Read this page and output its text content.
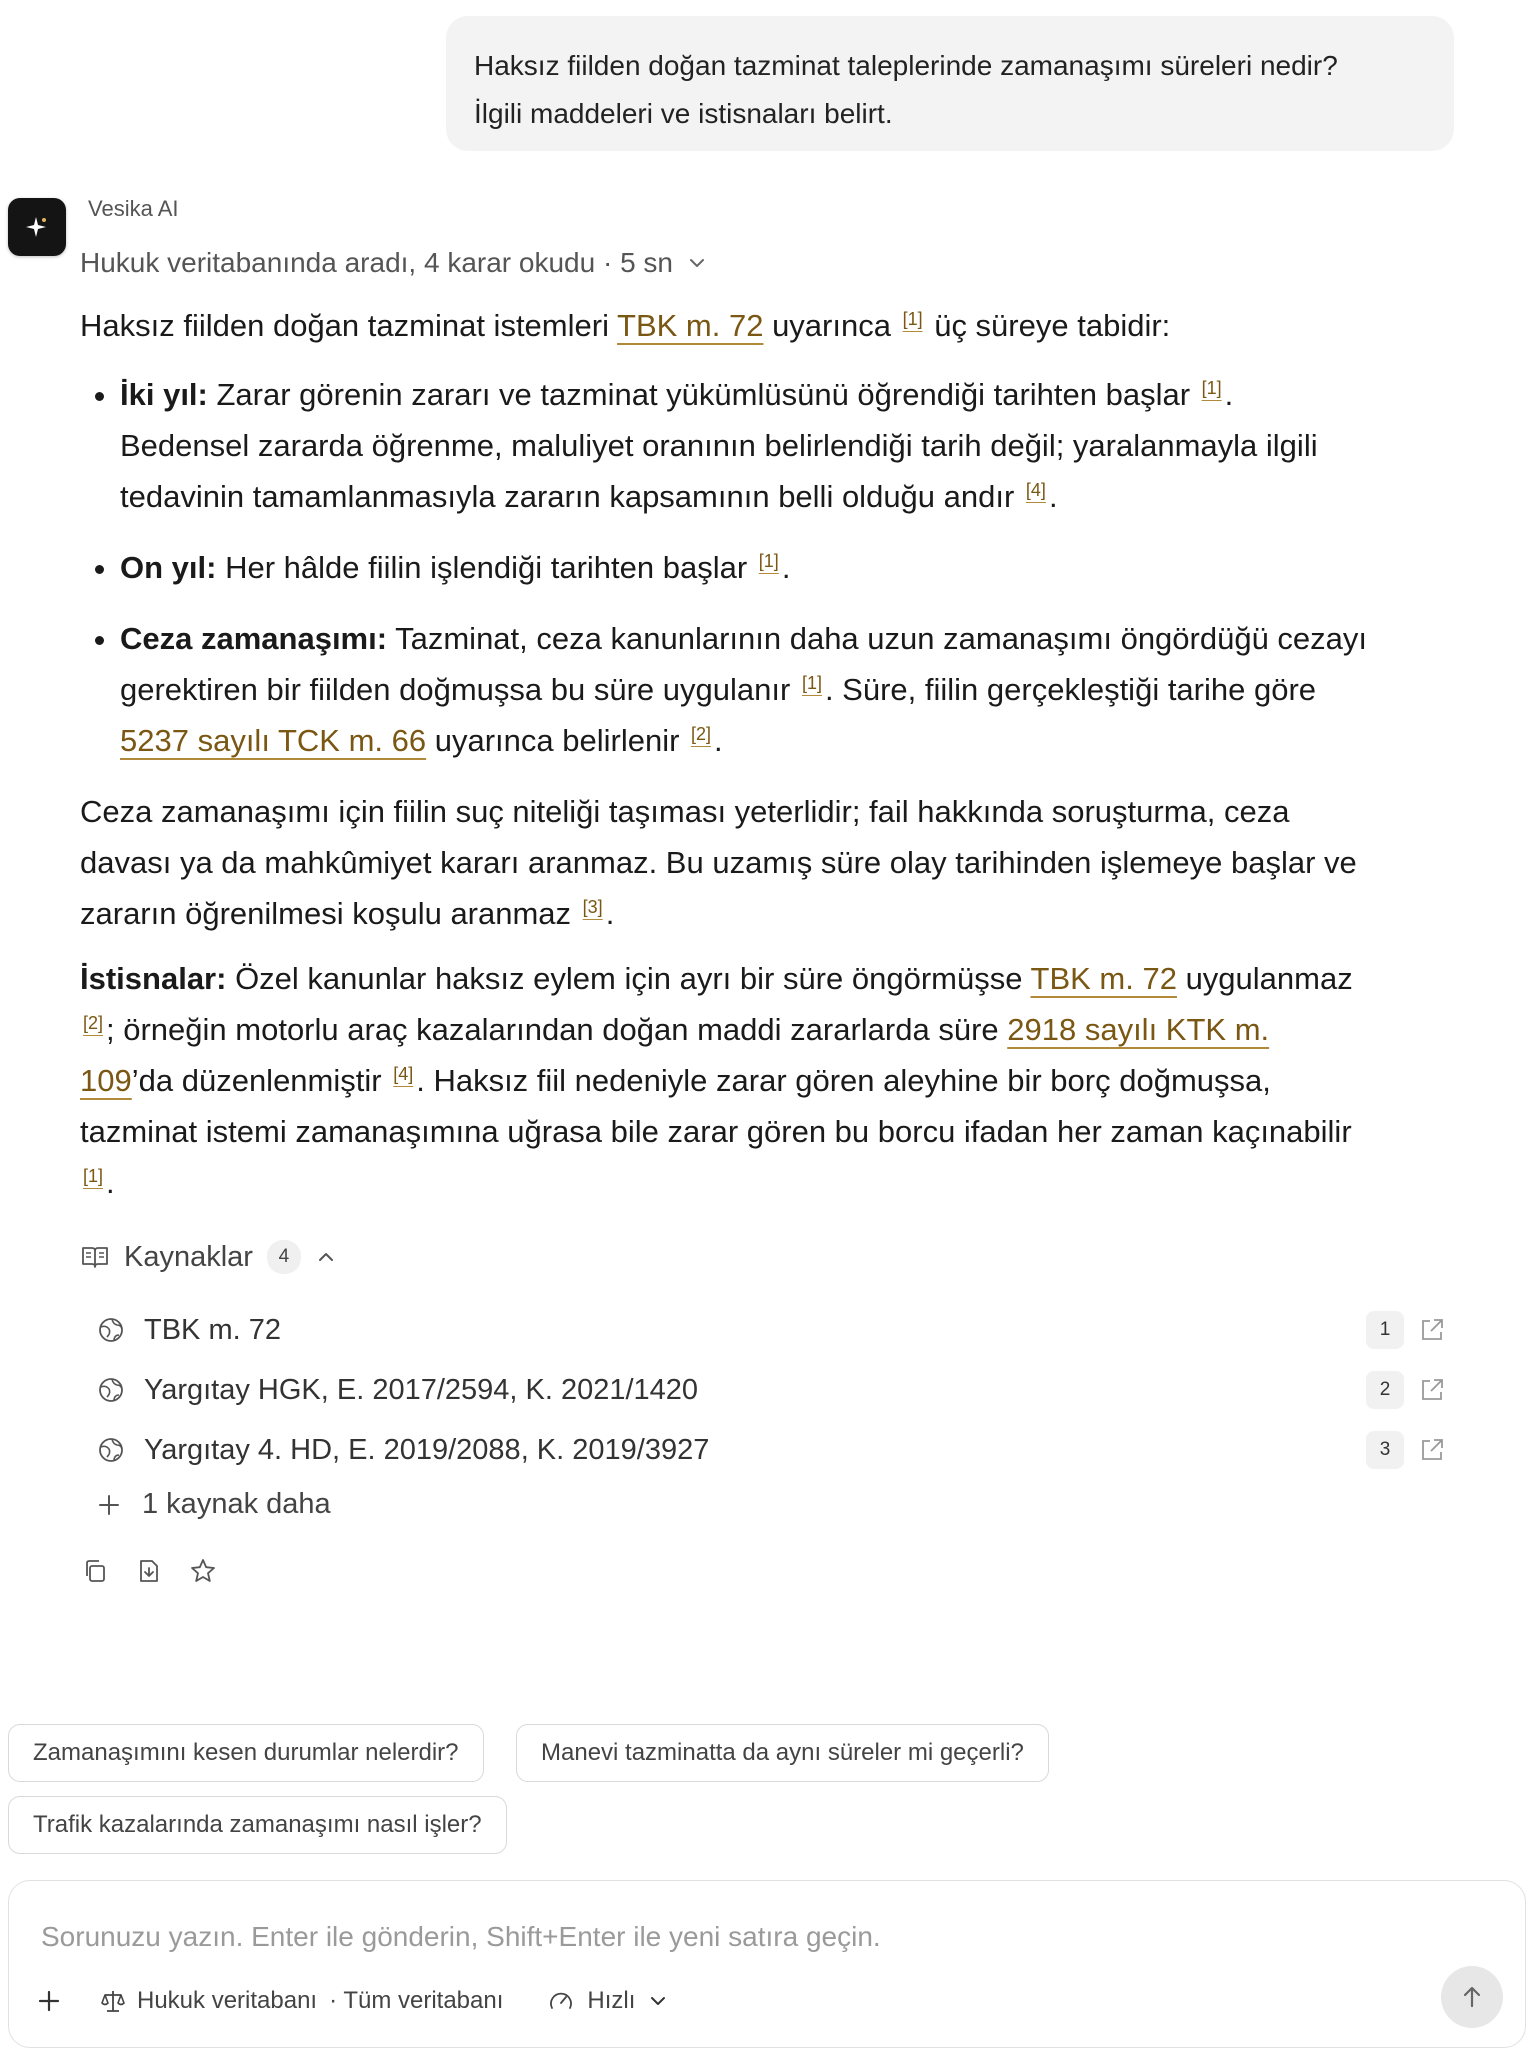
Haksız fiilden doğan tazminat taleplerinde zamanaşımı süreleri nedir?

İlgili maddeleri ve istisnaları belirt.

Vesika AI
Hukuk veritabanında aradı, 4 karar okudu · 5 sn

Haksız fiilden doğan tazminat istemleri TBK m. 72 uyarınca [1] üç süreye tabidir:

• İki yıl: Zarar görenin zararı ve tazminat yükümlüsünü öğrendiği tarihten başlar [1]. Bedensel zararda öğrenme, maluliyet oranının belirlendiği tarih değil; yaralanmayla ilgili tedavinin tamamlanmasıyla zararın kapsamının belli olduğu andır [4].
• On yıl: Her hâlde fiilin işlendiği tarihten başlar [1].
• Ceza zamanaşımı: Tazminat, ceza kanunlarının daha uzun zamanaşımı öngördüğü cezayı gerektiren bir fiilden doğmuşsa bu süre uygulanır [1]. Süre, fiilin gerçekleştiği tarihe göre 5237 sayılı TCK m. 66 uyarınca belirlenir [2].

Ceza zamanaşımı için fiilin suç niteliği taşıması yeterlidir; fail hakkında soruşturma, ceza davası ya da mahkûmiyet kararı aranmaz. Bu uzamış süre olay tarihinden işlemeye başlar ve zararın öğrenilmesi koşulu aranmaz [3].

İstisnalar: Özel kanunlar haksız eylem için ayrı bir süre öngörmüşse TBK m. 72 uygulanmaz [2]; örneğin motorlu araç kazalarından doğan maddi zararlarda süre 2918 sayılı KTK m. 109’da düzenlenmiştir [4]. Haksız fiil nedeniyle zarar gören aleyhine bir borç doğmuşsa, tazminat istemi zamanaşımına uğrasa bile zarar gören bu borcu ifadan her zaman kaçınabilir [1].

Kaynaklar	4
TBK m. 72	1
Yargıtay HGK, E. 2017/2594, K. 2021/1420	2
Yargıtay 4. HD, E. 2019/2088, K. 2019/3927	3
1 kaynak daha
Zamanaşımını kesen durumlar nelerdir?	Manevi tazminatta da aynı süreler mi geçerli?
Trafik kazalarında zamanaşımı nasıl işler?
Sorunuzu yazın. Enter ile gönderin, Shift+Enter ile yeni satıra geçin.
Hukuk veritabanı · Tüm veritabanı	Hızlı
